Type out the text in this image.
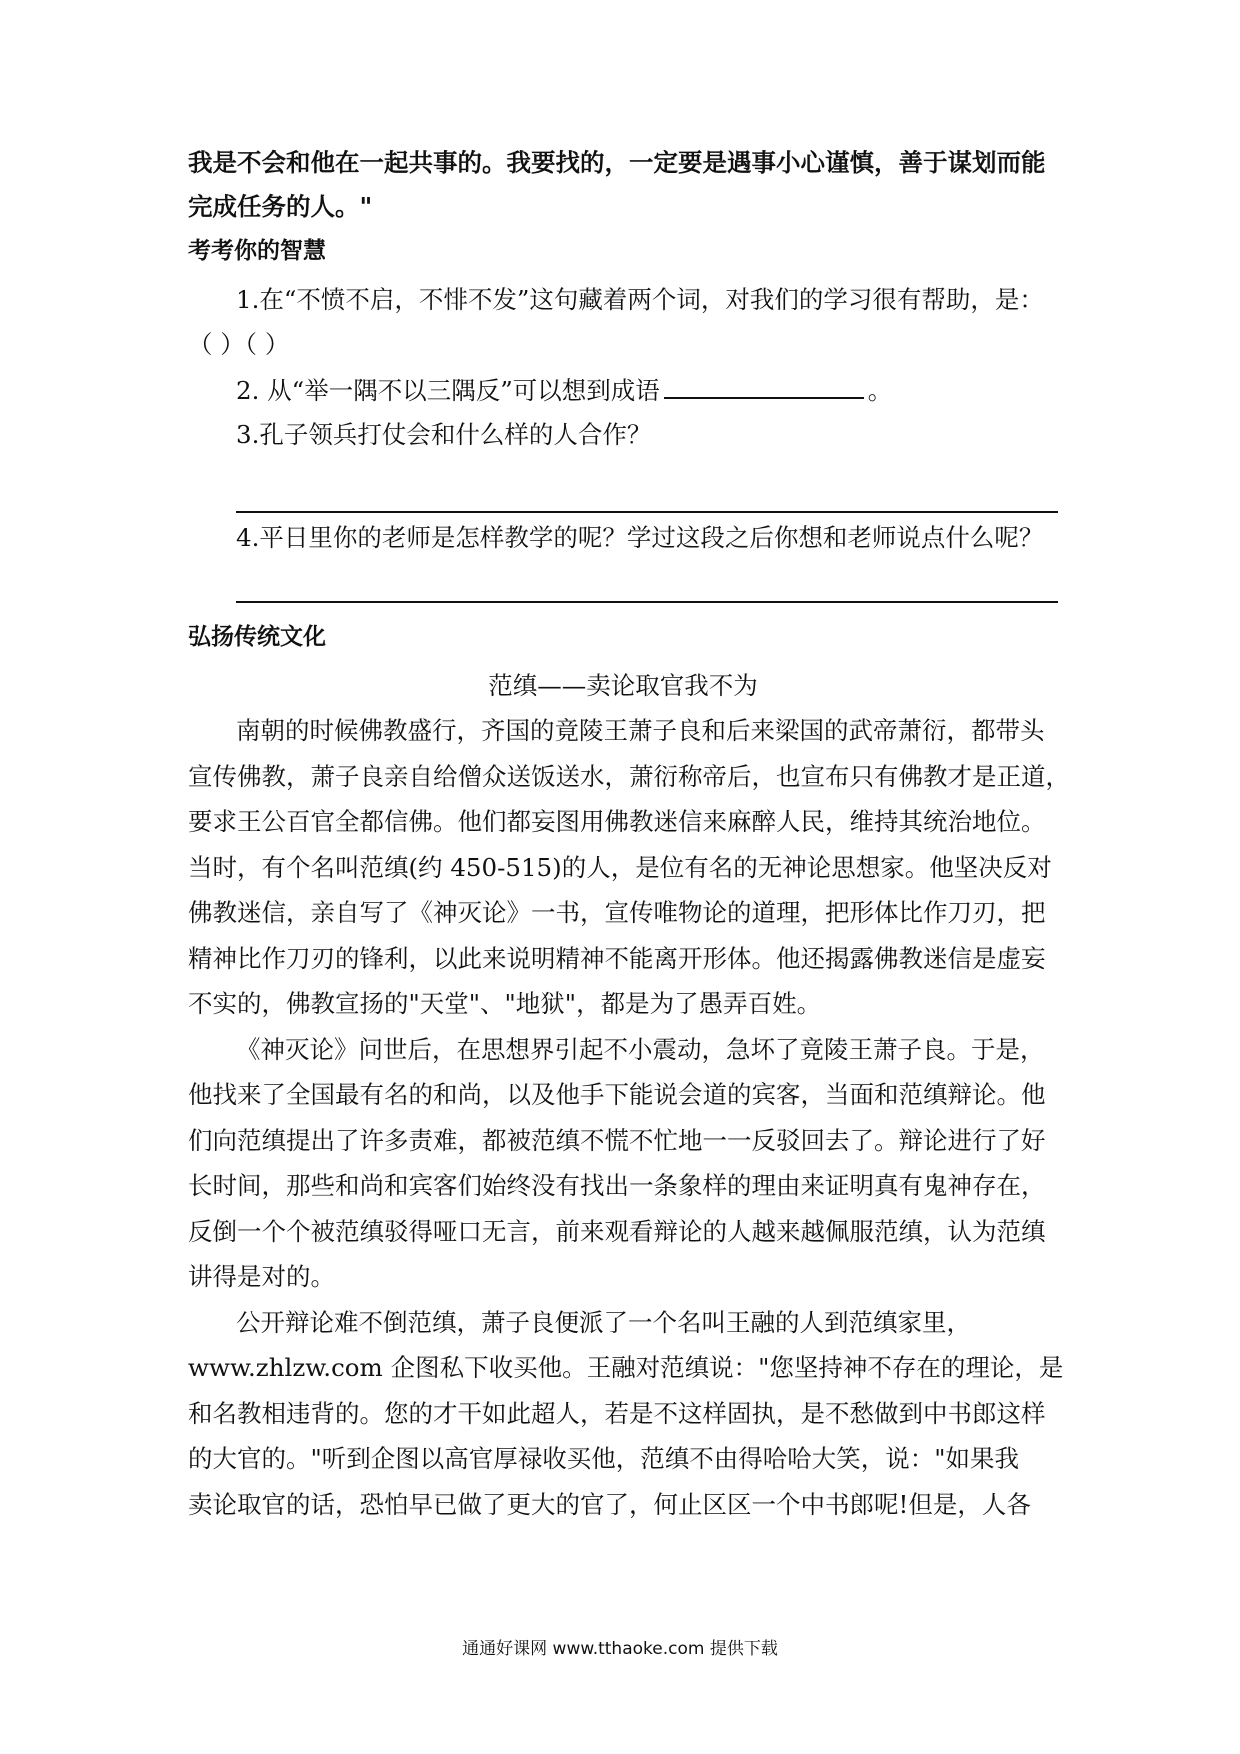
我是不会和他在一起共事的。我要找的，一定要是遇事小心谨慎，善于谋划而能
完成任务的人。"
考考你的智慧
1.在“不愤不启，不悱不发”这句藏着两个词，对我们的学习很有帮助，是：
（ ）（ ）
2. 从“举一隅不以三隅反”可以想到成语	。
3.孔子领兵打仗会和什么样的人合作？
4.平日里你的老师是怎样教学的呢？学过这段之后你想和老师说点什么呢？
弘扬传统文化
范缜——卖论取官我不为
南朝的时候佛教盛行，齐国的竟陵王萧子良和后来梁国的武帝萧衍，都带头
宣传佛教，萧子良亲自给僧众送饭送水，萧衍称帝后，也宣布只有佛教才是正道，
要求王公百官全都信佛。他们都妄图用佛教迷信来麻醉人民，维持其统治地位。
当时，有个名叫范缜(约 450-515)的人，是位有名的无神论思想家。他坚决反对
佛教迷信，亲自写了《神灭论》一书，宣传唯物论的道理，把形体比作刀刃，把
精神比作刀刃的锋利，以此来说明精神不能离开形体。他还揭露佛教迷信是虚妄
不实的，佛教宣扬的"天堂"、"地狱"，都是为了愚弄百姓。
《神灭论》问世后，在思想界引起不小震动，急坏了竟陵王萧子良。于是，
他找来了全国最有名的和尚，以及他手下能说会道的宾客，当面和范缜辩论。他
们向范缜提出了许多责难，都被范缜不慌不忙地一一反驳回去了。辩论进行了好
长时间，那些和尚和宾客们始终没有找出一条象样的理由来证明真有鬼神存在，
反倒一个个被范缜驳得哑口无言，前来观看辩论的人越来越佩服范缜，认为范缜
讲得是对的。
公开辩论难不倒范缜，萧子良便派了一个名叫王融的人到范缜家里，
www.zhlzw.com 企图私下收买他。王融对范缜说："您坚持神不存在的理论，是
和名教相违背的。您的才干如此超人，若是不这样固执，是不愁做到中书郎这样
的大官的。"听到企图以高官厚禄收买他，范缜不由得哈哈大笑，说："如果我
卖论取官的话，恐怕早已做了更大的官了，何止区区一个中书郎呢!但是，人各
通通好课网 www.tthaoke.com 提供下载
